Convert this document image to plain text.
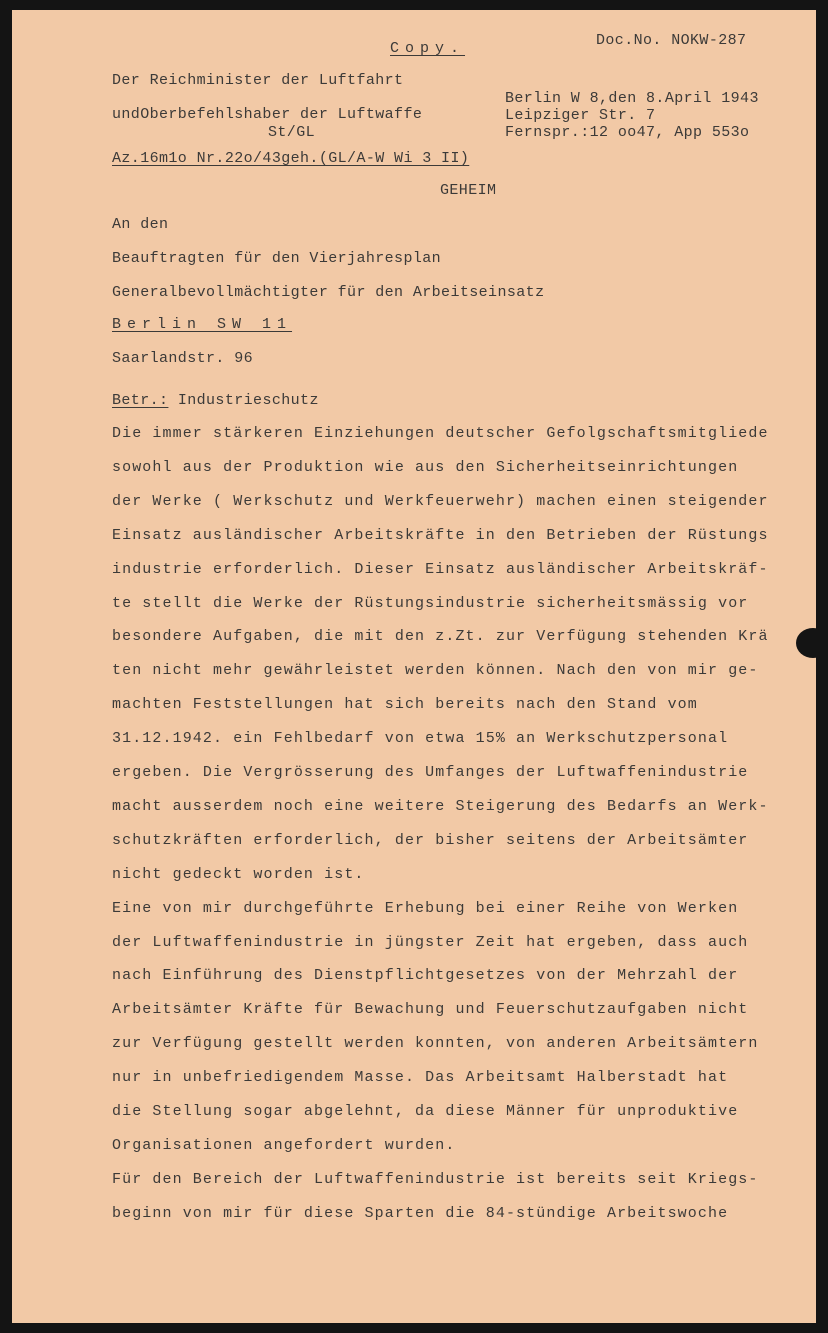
Copy.	Doc.No. NOKW-287
Der Reichminister der Luftfahrt
undOberbefehlshaber der Luftwaffe
St/GL
Berlin W 8,den 8.April 1943
Leipziger Str. 7
Fernspr.:12 oo47, App 553o
Az.16m1o Nr.22o/43geh.(GL/A-W Wi 3 II)
GEHEIM
An den
Beauftragten für den Vierjahresplan
Generalbevollmächtigter für den Arbeitseinsatz
Berlin SW 11
Saarlandstr. 96
Betr.: Industrieschutz
Die immer stärkeren Einziehungen deutscher Gefolgschaftsmitgliede
sowohl aus der Produktion wie aus den Sicherheitseinrichtungen
der Werke ( Werkschutz und Werkfeuerwehr) machen einen steigender
Einsatz ausländischer Arbeitskräfte in den Betrieben der Rüstungs
industrie erforderlich. Dieser Einsatz ausländischer Arbeitskräf-
te stellt die Werke der Rüstungsindustrie sicherheitsmässig vor
besondere Aufgaben, die mit den z.Zt. zur Verfügung stehenden Krä
ten nicht mehr gewährleistet werden können. Nach den von mir ge-
machten Feststellungen hat sich bereits nach den Stand vom
31.12.1942. ein Fehlbedarf von etwa 15% an Werkschutzpersonal
ergeben. Die Vergrösserung des Umfanges der Luftwaffenindustrie
macht ausserdem noch eine weitere Steigerung des Bedarfs an Werk-
schutzkräften erforderlich, der bisher seitens der Arbeitsämter
nicht gedeckt worden ist.
Eine von mir durchgeführte Erhebung bei einer Reihe von Werken
der Luftwaffenindustrie in jüngster Zeit hat ergeben, dass auch
nach Einführung des Dienstpflichtgesetzes von der Mehrzahl der
Arbeitsämter Kräfte für Bewachung und Feuerschutzaufgaben nicht
zur Verfügung gestellt werden konnten, von anderen Arbeitsämtern
nur in unbefriedigendem Masse. Das Arbeitsamt Halberstadt hat
die Stellung sogar abgelehnt, da diese Männer für unproduktive
Organisationen angefordert wurden.
Für den Bereich der Luftwaffenindustrie ist bereits seit Kriegs-
beginn von mir für diese Sparten die 84-stündige Arbeitswoche
